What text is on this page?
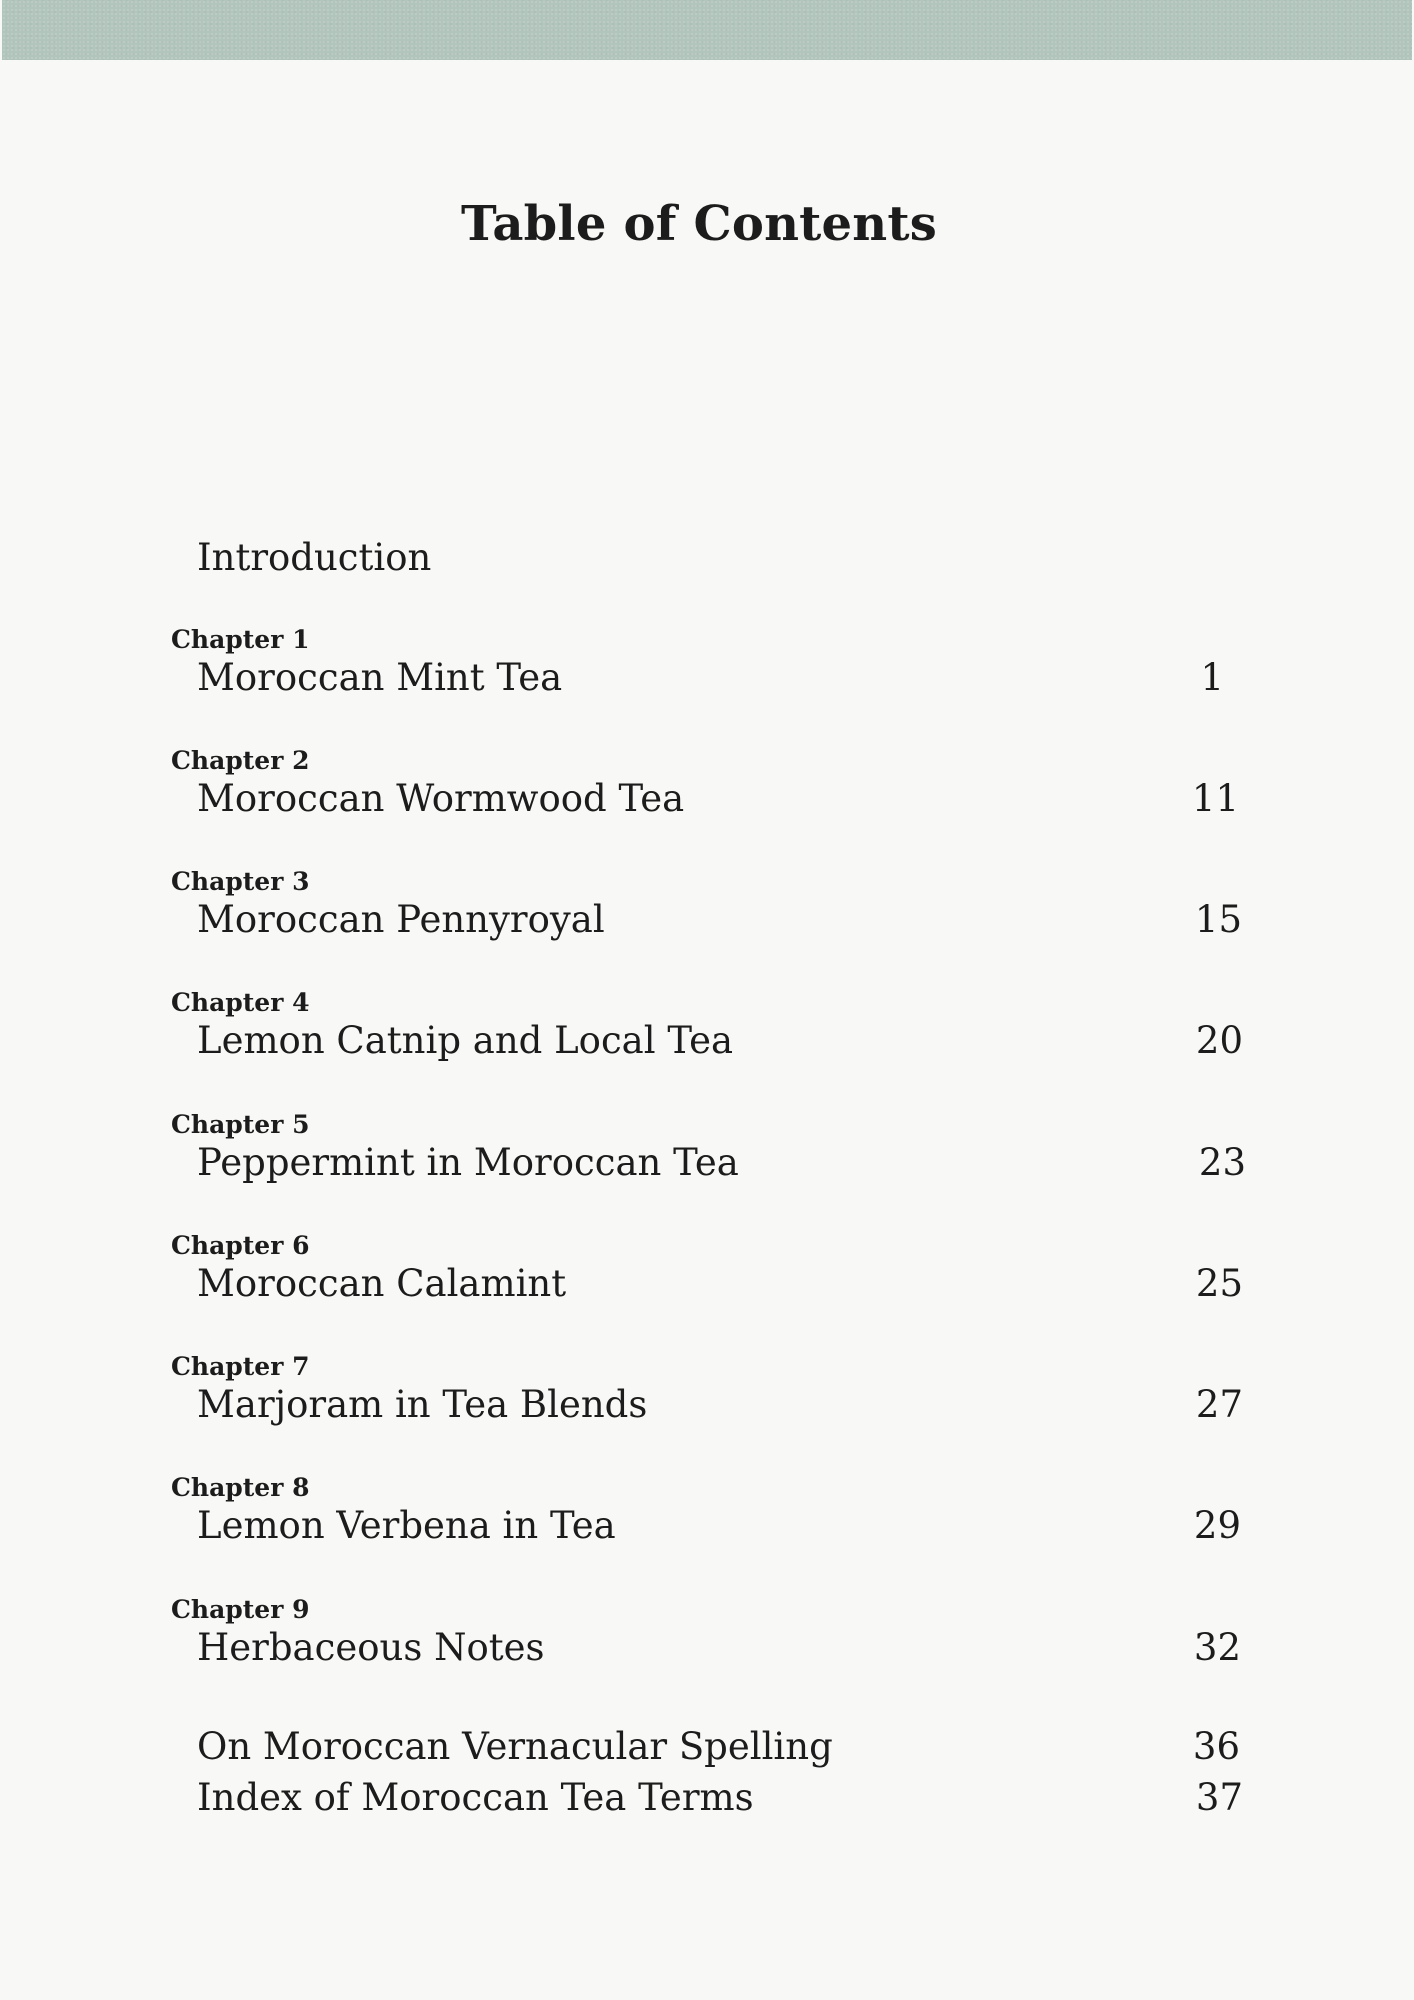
Table of Contents
Introduction
Chapter 1
Moroccan Mint Tea	1
Chapter 2
Moroccan Wormwood Tea	11
Chapter 3
Moroccan Pennyroyal	15
Chapter 4
Lemon Catnip and Local Tea	20
Chapter 5
Peppermint in Moroccan Tea	23
Chapter 6
Moroccan Calamint	25
Chapter 7
Marjoram in Tea Blends	27
Chapter 8
Lemon Verbena in Tea	29
Chapter 9
Herbaceous Notes	32
On Moroccan Vernacular Spelling	36
Index of Moroccan Tea Terms	37
